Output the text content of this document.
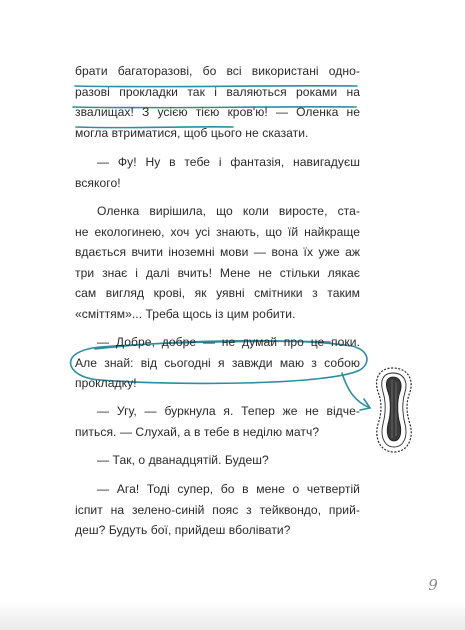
брати багаторазові, бо всі використані одно-
разові прокладки так і валяються роками на
звалищах! З усією тією кров'ю! — Оленка не
могла втриматися, щоб цього не сказати.
— Фу! Ну в тебе і фантазія, навигадуєш
всякого!
Оленка вирішила, що коли виросте, ста-
не екологинею, хоч усі знають, що їй найкраще
вдається вчити іноземні мови — вона їх уже аж
три знає і далі вчить! Мене не стільки лякає
сам вигляд крові, як уявні смітники з таким
«сміттям»... Треба щось із цим робити.
— Добре, добре — не думай про це поки.
Але знай: від сьогодні я завжди маю з собою
прокладку!
— Угу, — буркнула я. Тепер же не відче-
питься. — Слухай, а в тебе в неділю матч?
— Так, о дванадцятій. Будеш?
— Ага! Тоді супер, бо в мене о четвертій
іспит на зелено-синій пояс з тейквондо, прий-
деш? Будуть бої, прийдеш вболівати?
9
